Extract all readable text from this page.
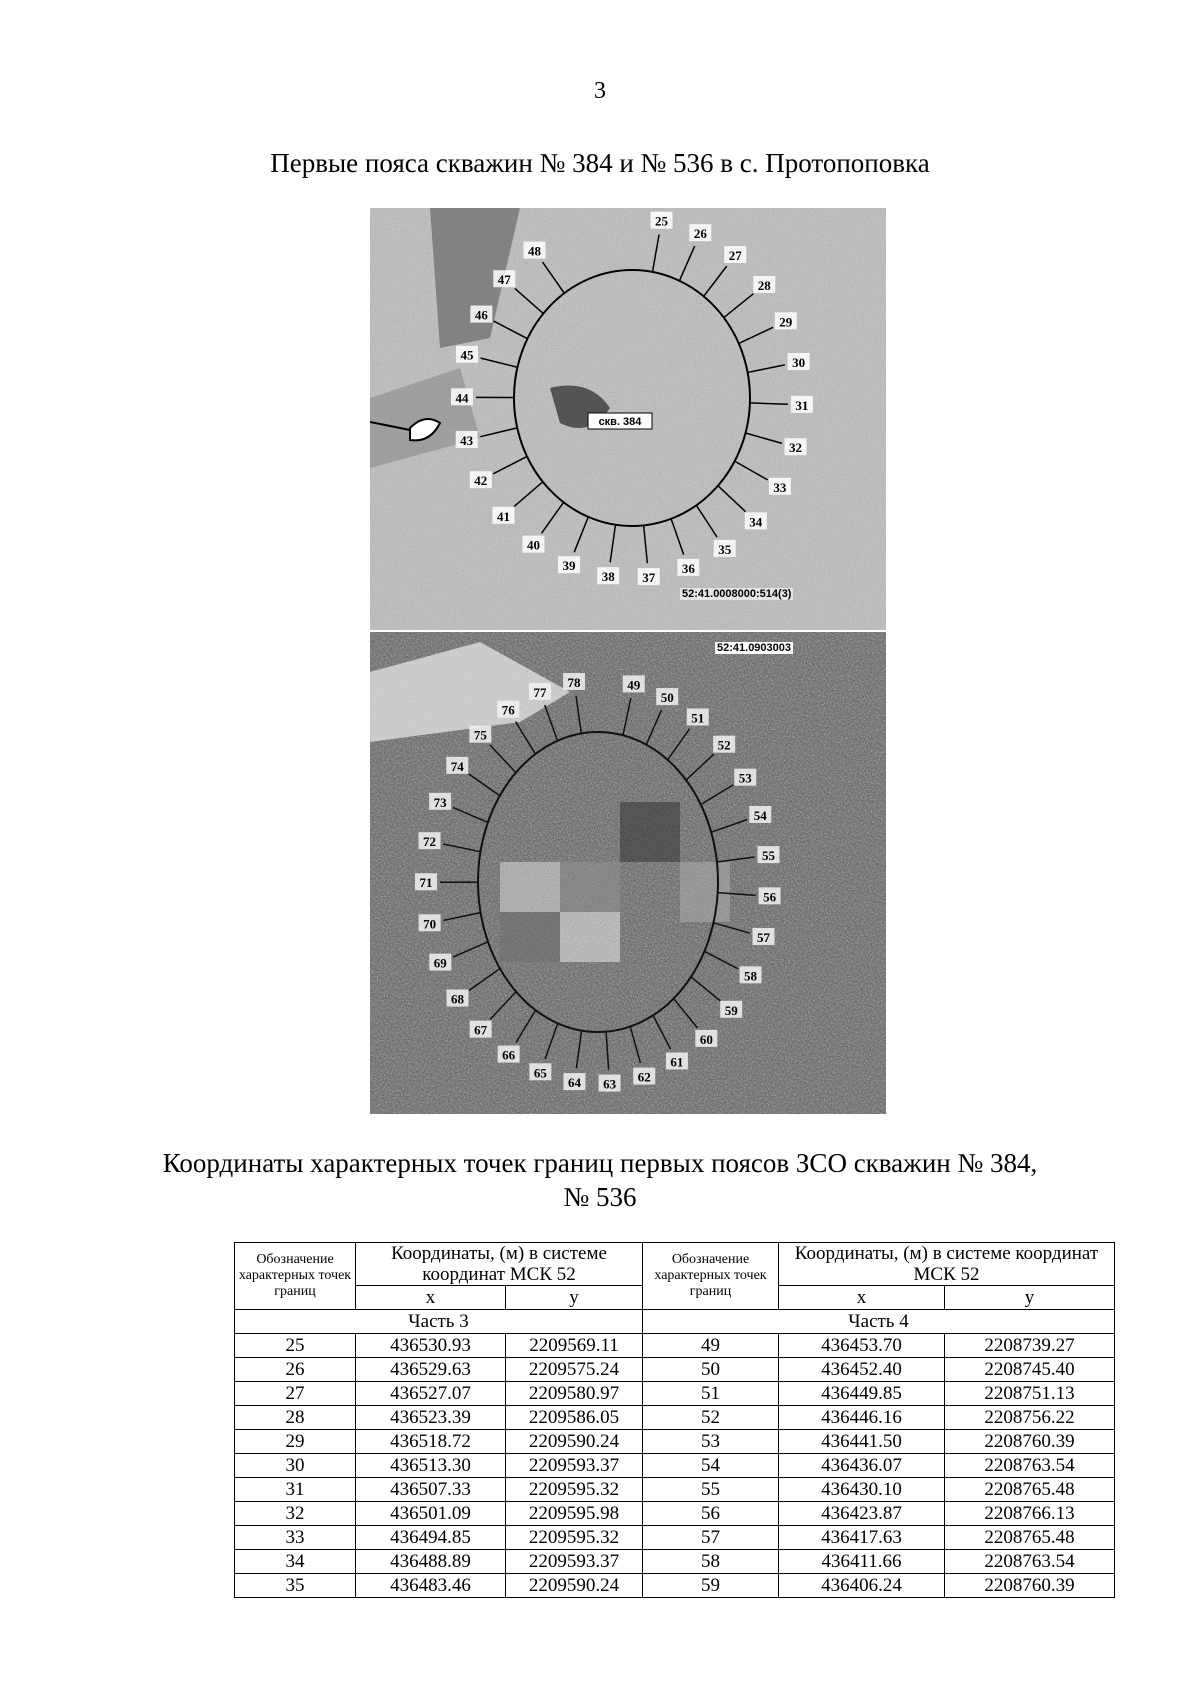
3
Первые пояса скважин № 384 и № 536 в с. Протопоповка
25
26
27
28
29
30
31
32
33
34
35
36
37
38
39
40
41
42
43
44
45
46
47
48
скв. 384
52:41.0008000:514(3)
49
50
51
52
53
54
55
56
57
58
59
60
61
62
63
64
65
66
67
68
69
70
71
72
73
74
75
76
77
78
52:41.0903003
Координаты характерных точек границ первых поясов ЗСО скважин № 384,
№ 536
Обозначение характерных точек границ	Координаты, (м) в системе координат МСК 52		Обозначение характерных точек границ	Координаты, (м) в системе координат МСК 52	
	x	y		x	y
Часть 3			Часть 4		
25	436530.93	2209569.11	49	436453.70	2208739.27
26	436529.63	2209575.24	50	436452.40	2208745.40
27	436527.07	2209580.97	51	436449.85	2208751.13
28	436523.39	2209586.05	52	436446.16	2208756.22
29	436518.72	2209590.24	53	436441.50	2208760.39
30	436513.30	2209593.37	54	436436.07	2208763.54
31	436507.33	2209595.32	55	436430.10	2208765.48
32	436501.09	2209595.98	56	436423.87	2208766.13
33	436494.85	2209595.32	57	436417.63	2208765.48
34	436488.89	2209593.37	58	436411.66	2208763.54
35	436483.46	2209590.24	59	436406.24	2208760.39
